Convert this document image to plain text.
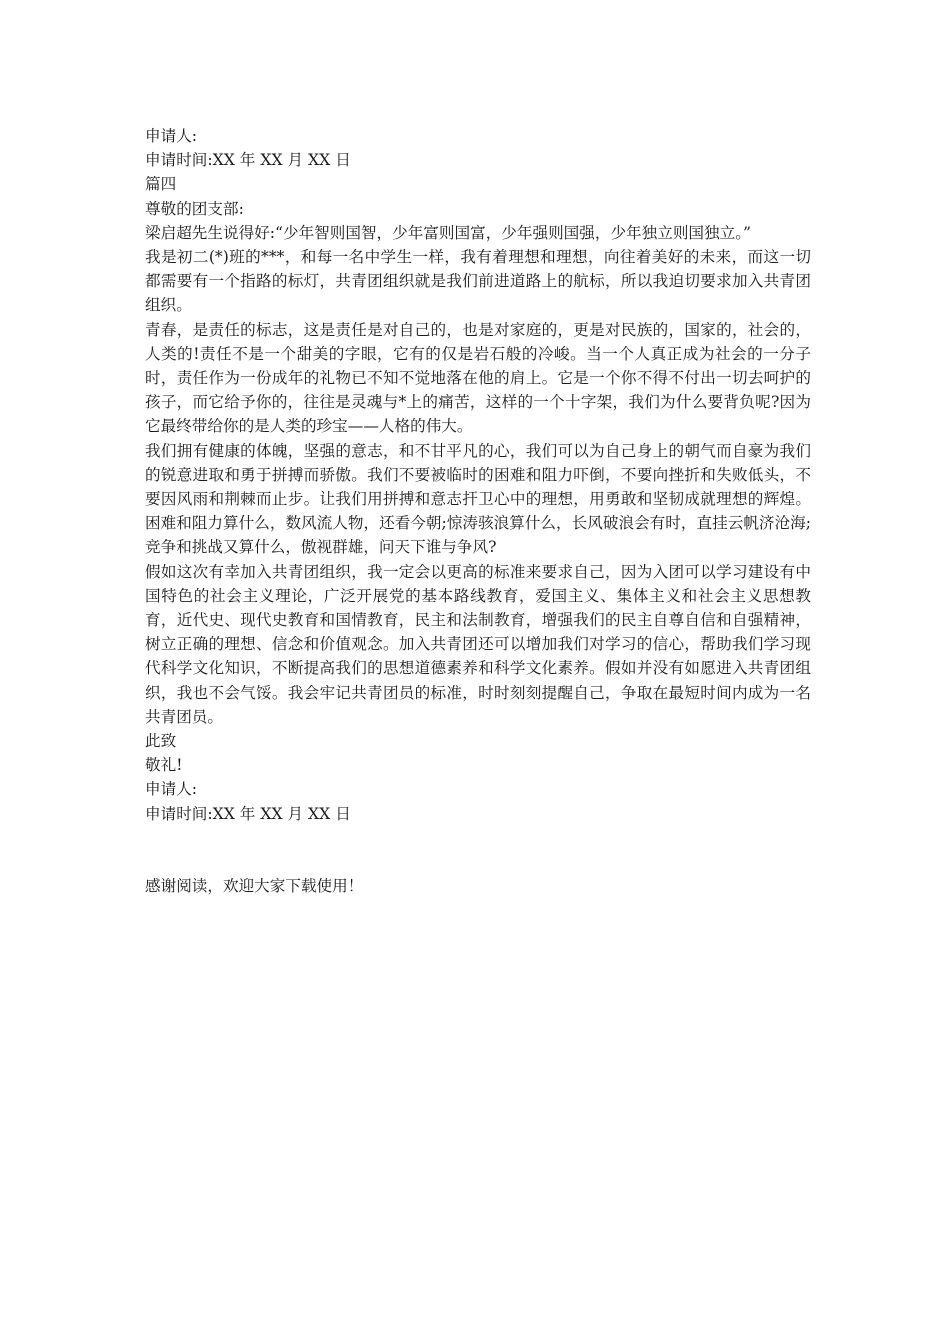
申请人:

申请时间:XX 年 XX 月 XX 日

篇四

尊敬的团支部:

梁启超先生说得好:“少年智则国智，少年富则国富，少年强则国强，少年独立则国独立。”

我是初二(*)班的***，和每一名中学生一样，我有着理想和理想，向往着美好的未来，而这一切都需要有一个指路的标灯，共青团组织就是我们前进道路上的航标，所以我迫切要求加入共青团组织。

青春，是责任的标志，这是责任是对自己的，也是对家庭的，更是对民族的，国家的，社会的，人类的!责任不是一个甜美的字眼，它有的仅是岩石般的冷峻。当一个人真正成为社会的一分子时，责任作为一份成年的礼物已不知不觉地落在他的肩上。它是一个你不得不付出一切去呵护的孩子，而它给予你的，往往是灵魂与*上的痛苦，这样的一个十字架，我们为什么要背负呢?因为它最终带给你的是人类的珍宝——人格的伟大。

我们拥有健康的体魄，坚强的意志，和不甘平凡的心，我们可以为自己身上的朝气而自豪为我们的锐意进取和勇于拼搏而骄傲。我们不要被临时的困难和阻力吓倒，不要向挫折和失败低头，不要因风雨和荆棘而止步。让我们用拼搏和意志扞卫心中的理想，用勇敢和坚韧成就理想的辉煌。困难和阻力算什么，数风流人物，还看今朝;惊涛骇浪算什么，长风破浪会有时，直挂云帆济沧海;竞争和挑战又算什么，傲视群雄，问天下谁与争风?

假如这次有幸加入共青团组织，我一定会以更高的标准来要求自己，因为入团可以学习建设有中国特色的社会主义理论，广泛开展党的基本路线教育，爱国主义、集体主义和社会主义思想教育，近代史、现代史教育和国情教育，民主和法制教育，增强我们的民主自尊自信和自强精神，树立正确的理想、信念和价值观念。加入共青团还可以增加我们对学习的信心，帮助我们学习现代科学文化知识，不断提高我们的思想道德素养和科学文化素养。假如并没有如愿进入共青团组织，我也不会气馁。我会牢记共青团员的标准，时时刻刻提醒自己，争取在最短时间内成为一名共青团员。

此致

敬礼!

申请人:

申请时间:XX 年 XX 月 XX 日

感谢阅读，欢迎大家下载使用！
